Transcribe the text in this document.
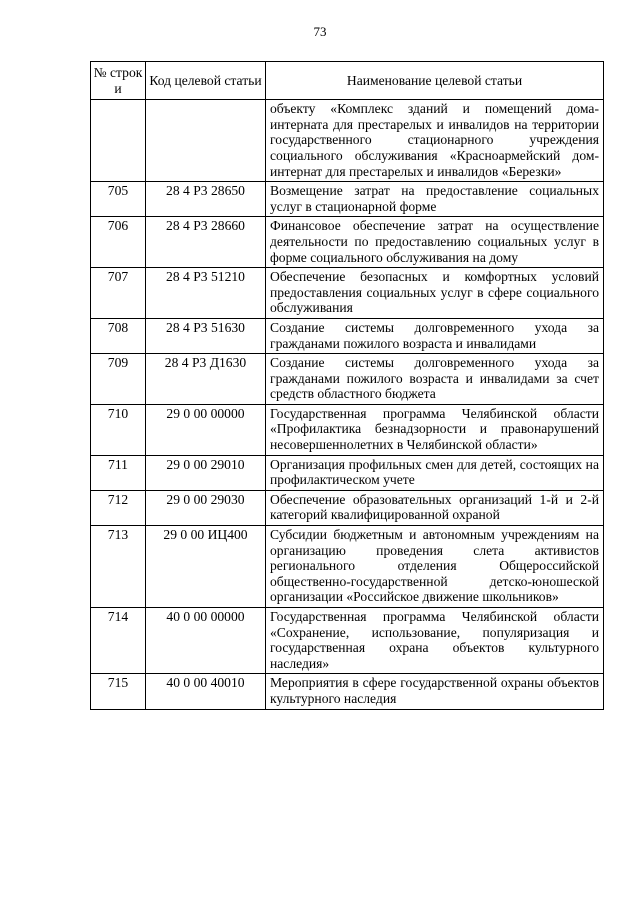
73
№ строк и	Код целевой статьи	Наименование целевой статьи
		объекту «Комплекс зданий и помещений дома-интерната для престарелых и инвалидов на территории государственного стационарного учреждения социального обслуживания «Красноармейский дом-интернат для престарелых и инвалидов «Березки»
705	28 4 Р3 28650	Возмещение затрат на предоставление социальных услуг в стационарной форме
706	28 4 Р3 28660	Финансовое обеспечение затрат на осуществление деятельности по предоставлению социальных услуг в форме социального обслуживания на дому
707	28 4 Р3 51210	Обеспечение безопасных и комфортных условий предоставления социальных услуг в сфере социального обслуживания
708	28 4 Р3 51630	Создание системы долговременного ухода за гражданами пожилого возраста и инвалидами
709	28 4 Р3 Д1630	Создание системы долговременного ухода за гражданами пожилого возраста и инвалидами за счет средств областного бюджета
710	29 0 00 00000	Государственная программа Челябинской области «Профилактика безнадзорности и правонарушений несовершеннолетних в Челябинской области»
711	29 0 00 29010	Организация профильных смен для детей, состоящих на профилактическом учете
712	29 0 00 29030	Обеспечение образовательных организаций 1-й и 2-й категорий квалифицированной охраной
713	29 0 00 ИЦ400	Субсидии бюджетным и автономным учреждениям на организацию проведения слета активистов регионального отделения Общероссийской общественно-государственной детско-юношеской организации «Российское движение школьников»
714	40 0 00 00000	Государственная программа Челябинской области «Сохранение, использование, популяризация и государственная охрана объектов культурного наследия»
715	40 0 00 40010	Мероприятия в сфере государственной охраны объектов культурного наследия
